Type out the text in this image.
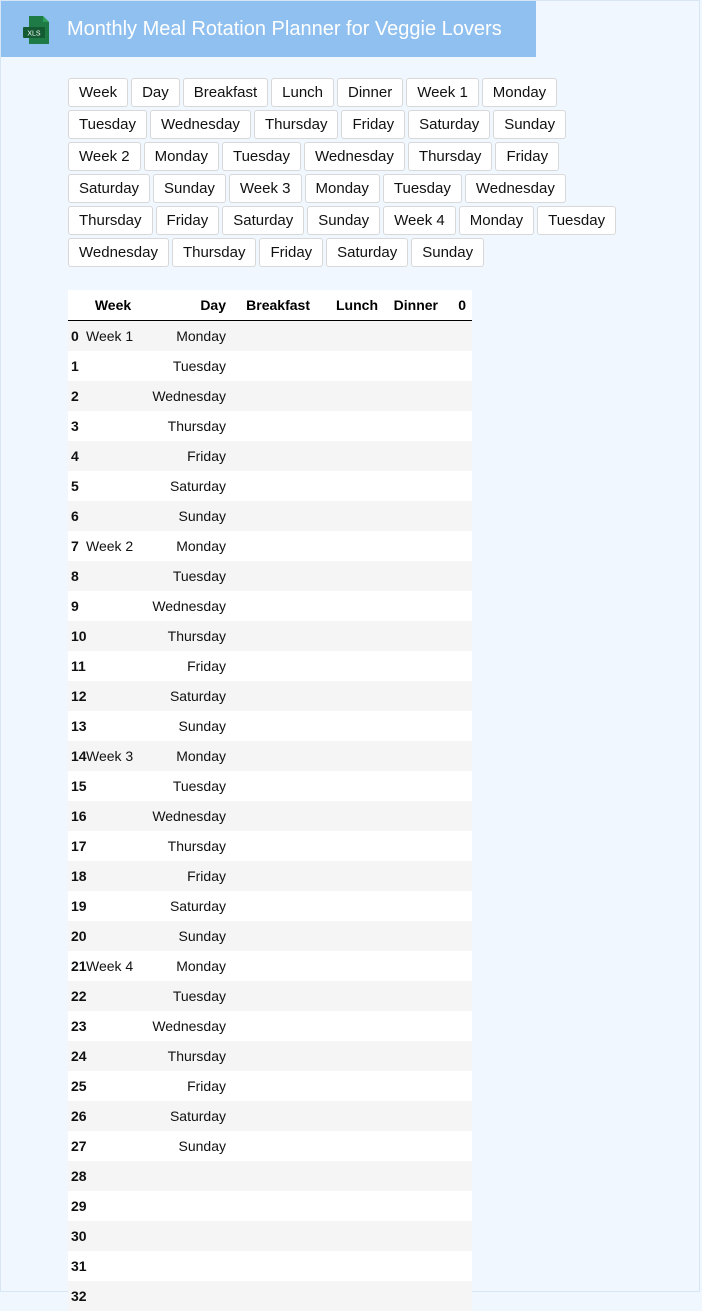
XLS Monthly Meal Rotation Planner for Veggie Lovers
Week	Day	Breakfast	Lunch	Dinner	Week 1	Monday
Tuesday	Wednesday	Thursday	Friday	Saturday	Sunday
Week 2	Monday	Tuesday	Wednesday	Thursday	Friday
Saturday	Sunday	Week 3	Monday	Tuesday	Wednesday
Thursday	Friday	Saturday	Sunday	Week 4	Monday	Tuesday
Wednesday	Thursday	Friday	Saturday	Sunday
	Week	Day	Breakfast	Lunch	Dinner	0
0	Week 1	Monday				
1		Tuesday				
2		Wednesday				
3		Thursday				
4		Friday				
5		Saturday				
6		Sunday				
7	Week 2	Monday				
8		Tuesday				
9		Wednesday				
10		Thursday				
11		Friday				
12		Saturday				
13		Sunday				
14	Week 3	Monday				
15		Tuesday				
16		Wednesday				
17		Thursday				
18		Friday				
19		Saturday				
20		Sunday				
21	Week 4	Monday				
22		Tuesday				
23		Wednesday				
24		Thursday				
25		Friday				
26		Saturday				
27		Sunday				
28						
29						
30						
31						
32						
